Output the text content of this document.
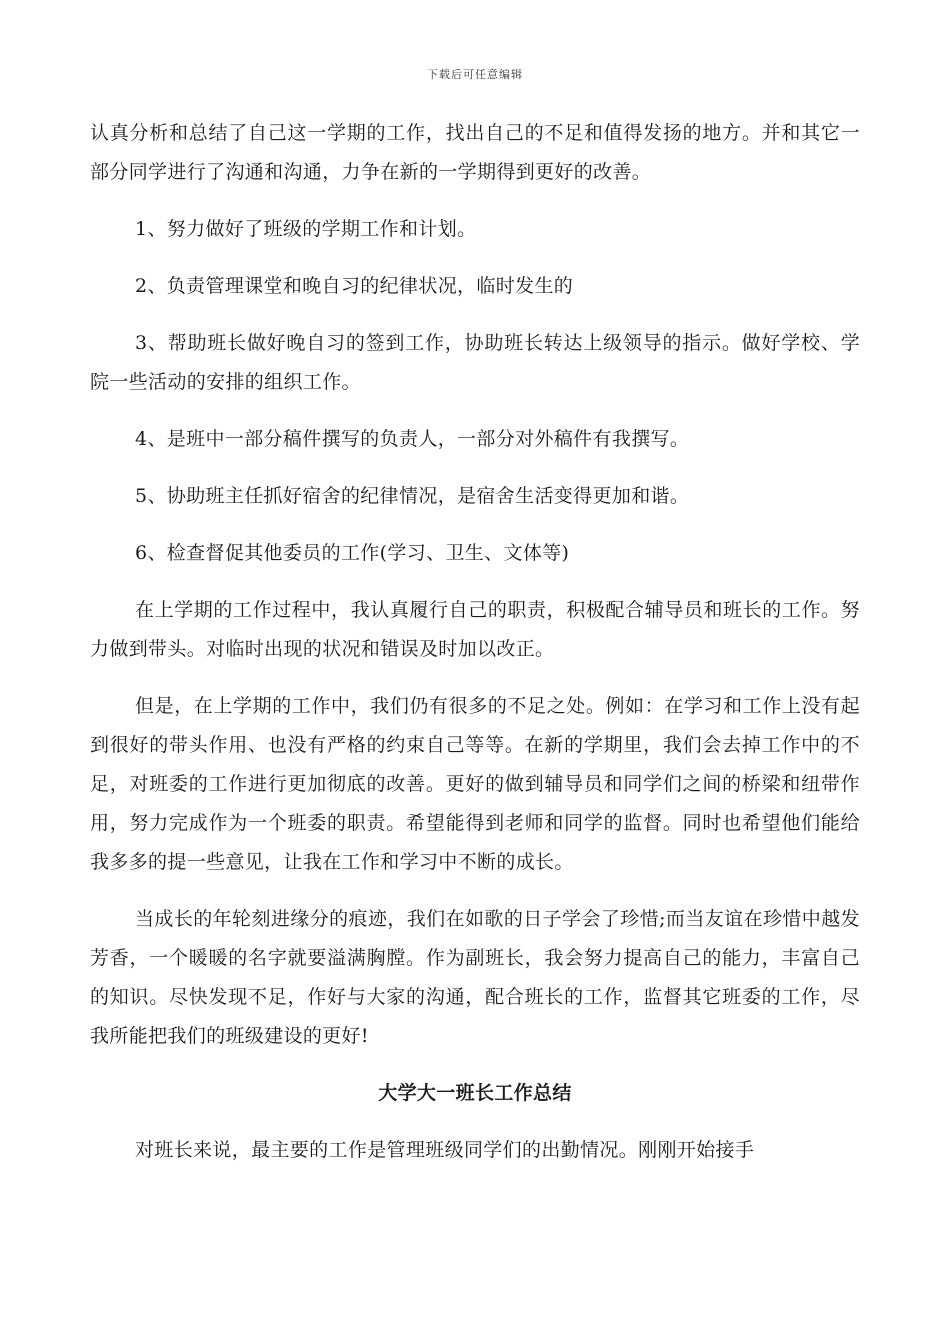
下载后可任意编辑

认真分析和总结了自己这一学期的工作，找出自己的不足和值得发扬的地方。并和其它一部分同学进行了沟通和沟通，力争在新的一学期得到更好的改善。

1、努力做好了班级的学期工作和计划。

2、负责管理课堂和晚自习的纪律状况，临时发生的

3、帮助班长做好晚自习的签到工作，协助班长转达上级领导的指示。做好学校、学院一些活动的安排的组织工作。

4、是班中一部分稿件撰写的负责人，一部分对外稿件有我撰写。

5、协助班主任抓好宿舍的纪律情况，是宿舍生活变得更加和谐。

6、检查督促其他委员的工作(学习、卫生、文体等)

在上学期的工作过程中，我认真履行自己的职责，积极配合辅导员和班长的工作。努力做到带头。对临时出现的状况和错误及时加以改正。

但是，在上学期的工作中，我们仍有很多的不足之处。例如：在学习和工作上没有起到很好的带头作用、也没有严格的约束自己等等。在新的学期里，我们会去掉工作中的不足，对班委的工作进行更加彻底的改善。更好的做到辅导员和同学们之间的桥梁和纽带作用，努力完成作为一个班委的职责。希望能得到老师和同学的监督。同时也希望他们能给我多多的提一些意见，让我在工作和学习中不断的成长。

当成长的年轮刻进缘分的痕迹，我们在如歌的日子学会了珍惜;而当友谊在珍惜中越发芳香，一个暖暖的名字就要溢满胸膛。作为副班长，我会努力提高自己的能力，丰富自己的知识。尽快发现不足，作好与大家的沟通，配合班长的工作，监督其它班委的工作，尽我所能把我们的班级建设的更好!

大学大一班长工作总结

对班长来说，最主要的工作是管理班级同学们的出勤情况。刚刚开始接手
